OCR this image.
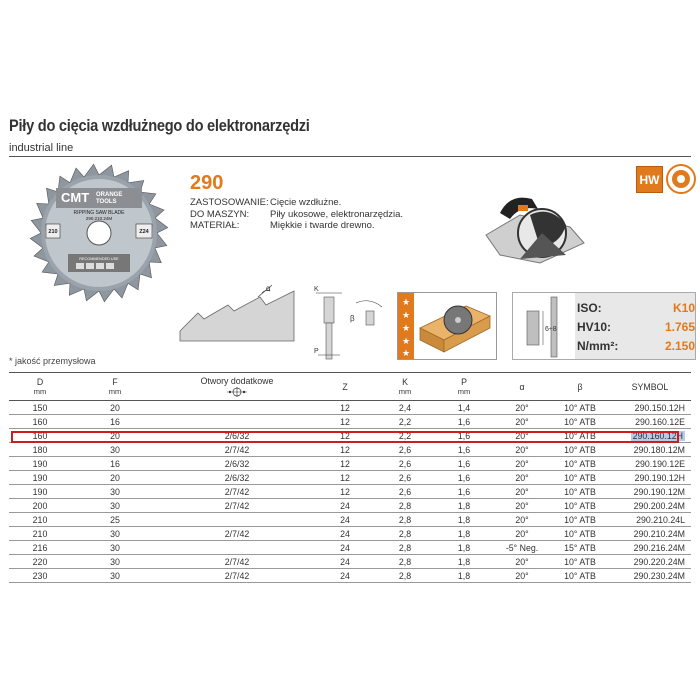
Piły do cięcia wzdłużnego do elektronarzędzi
industrial line
CMT ORANGE
TOOLS
RIPPING SAW BLADE
290.210.24M
210	Z24
RECOMMENDED USE
290
ZASTOSOWANIE: Cięcie wzdłużne.
DO MASZYN:	Piły ukosowe, elektronarzędzia.
MATERIAŁ:	Miękkie i twarde drewno.
HW
α	K
P
β
★
★
★
★
★
6÷8
ISO:	K10
HV10:	1.765
N/mm²:	2.150
* jakość przemysłowa
D
mm	F
mm	Otwory dodatkowe	Z	K
mm	P
mm	α	β	SYMBOL

150	20		12	2,4	1,4	20°	10° ATB	290.150.12H
160	16		12	2,2	1,6	20°	10° ATB	290.160.12E
160	20	2/6/32	12	2,2	1,6	20°	10° ATB	290.160.12H
180	30	2/7/42	12	2,6	1,6	20°	10° ATB	290.180.12M
190	16	2/6/32	12	2,6	1,6	20°	10° ATB	290.190.12E
190	20	2/6/32	12	2,6	1,6	20°	10° ATB	290.190.12H
190	30	2/7/42	12	2,6	1,6	20°	10° ATB	290.190.12M
200	30	2/7/42	24	2,8	1,8	20°	10° ATB	290.200.24M
210	25		24	2,8	1,8	20°	10° ATB	290.210.24L
210	30	2/7/42	24	2,8	1,8	20°	10° ATB	290.210.24M
216	30		24	2,8	1,8	-5° Neg.	15° ATB	290.216.24M
220	30	2/7/42	24	2,8	1,8	20°	10° ATB	290.220.24M
230	30	2/7/42	24	2,8	1,8	20°	10° ATB	290.230.24M
